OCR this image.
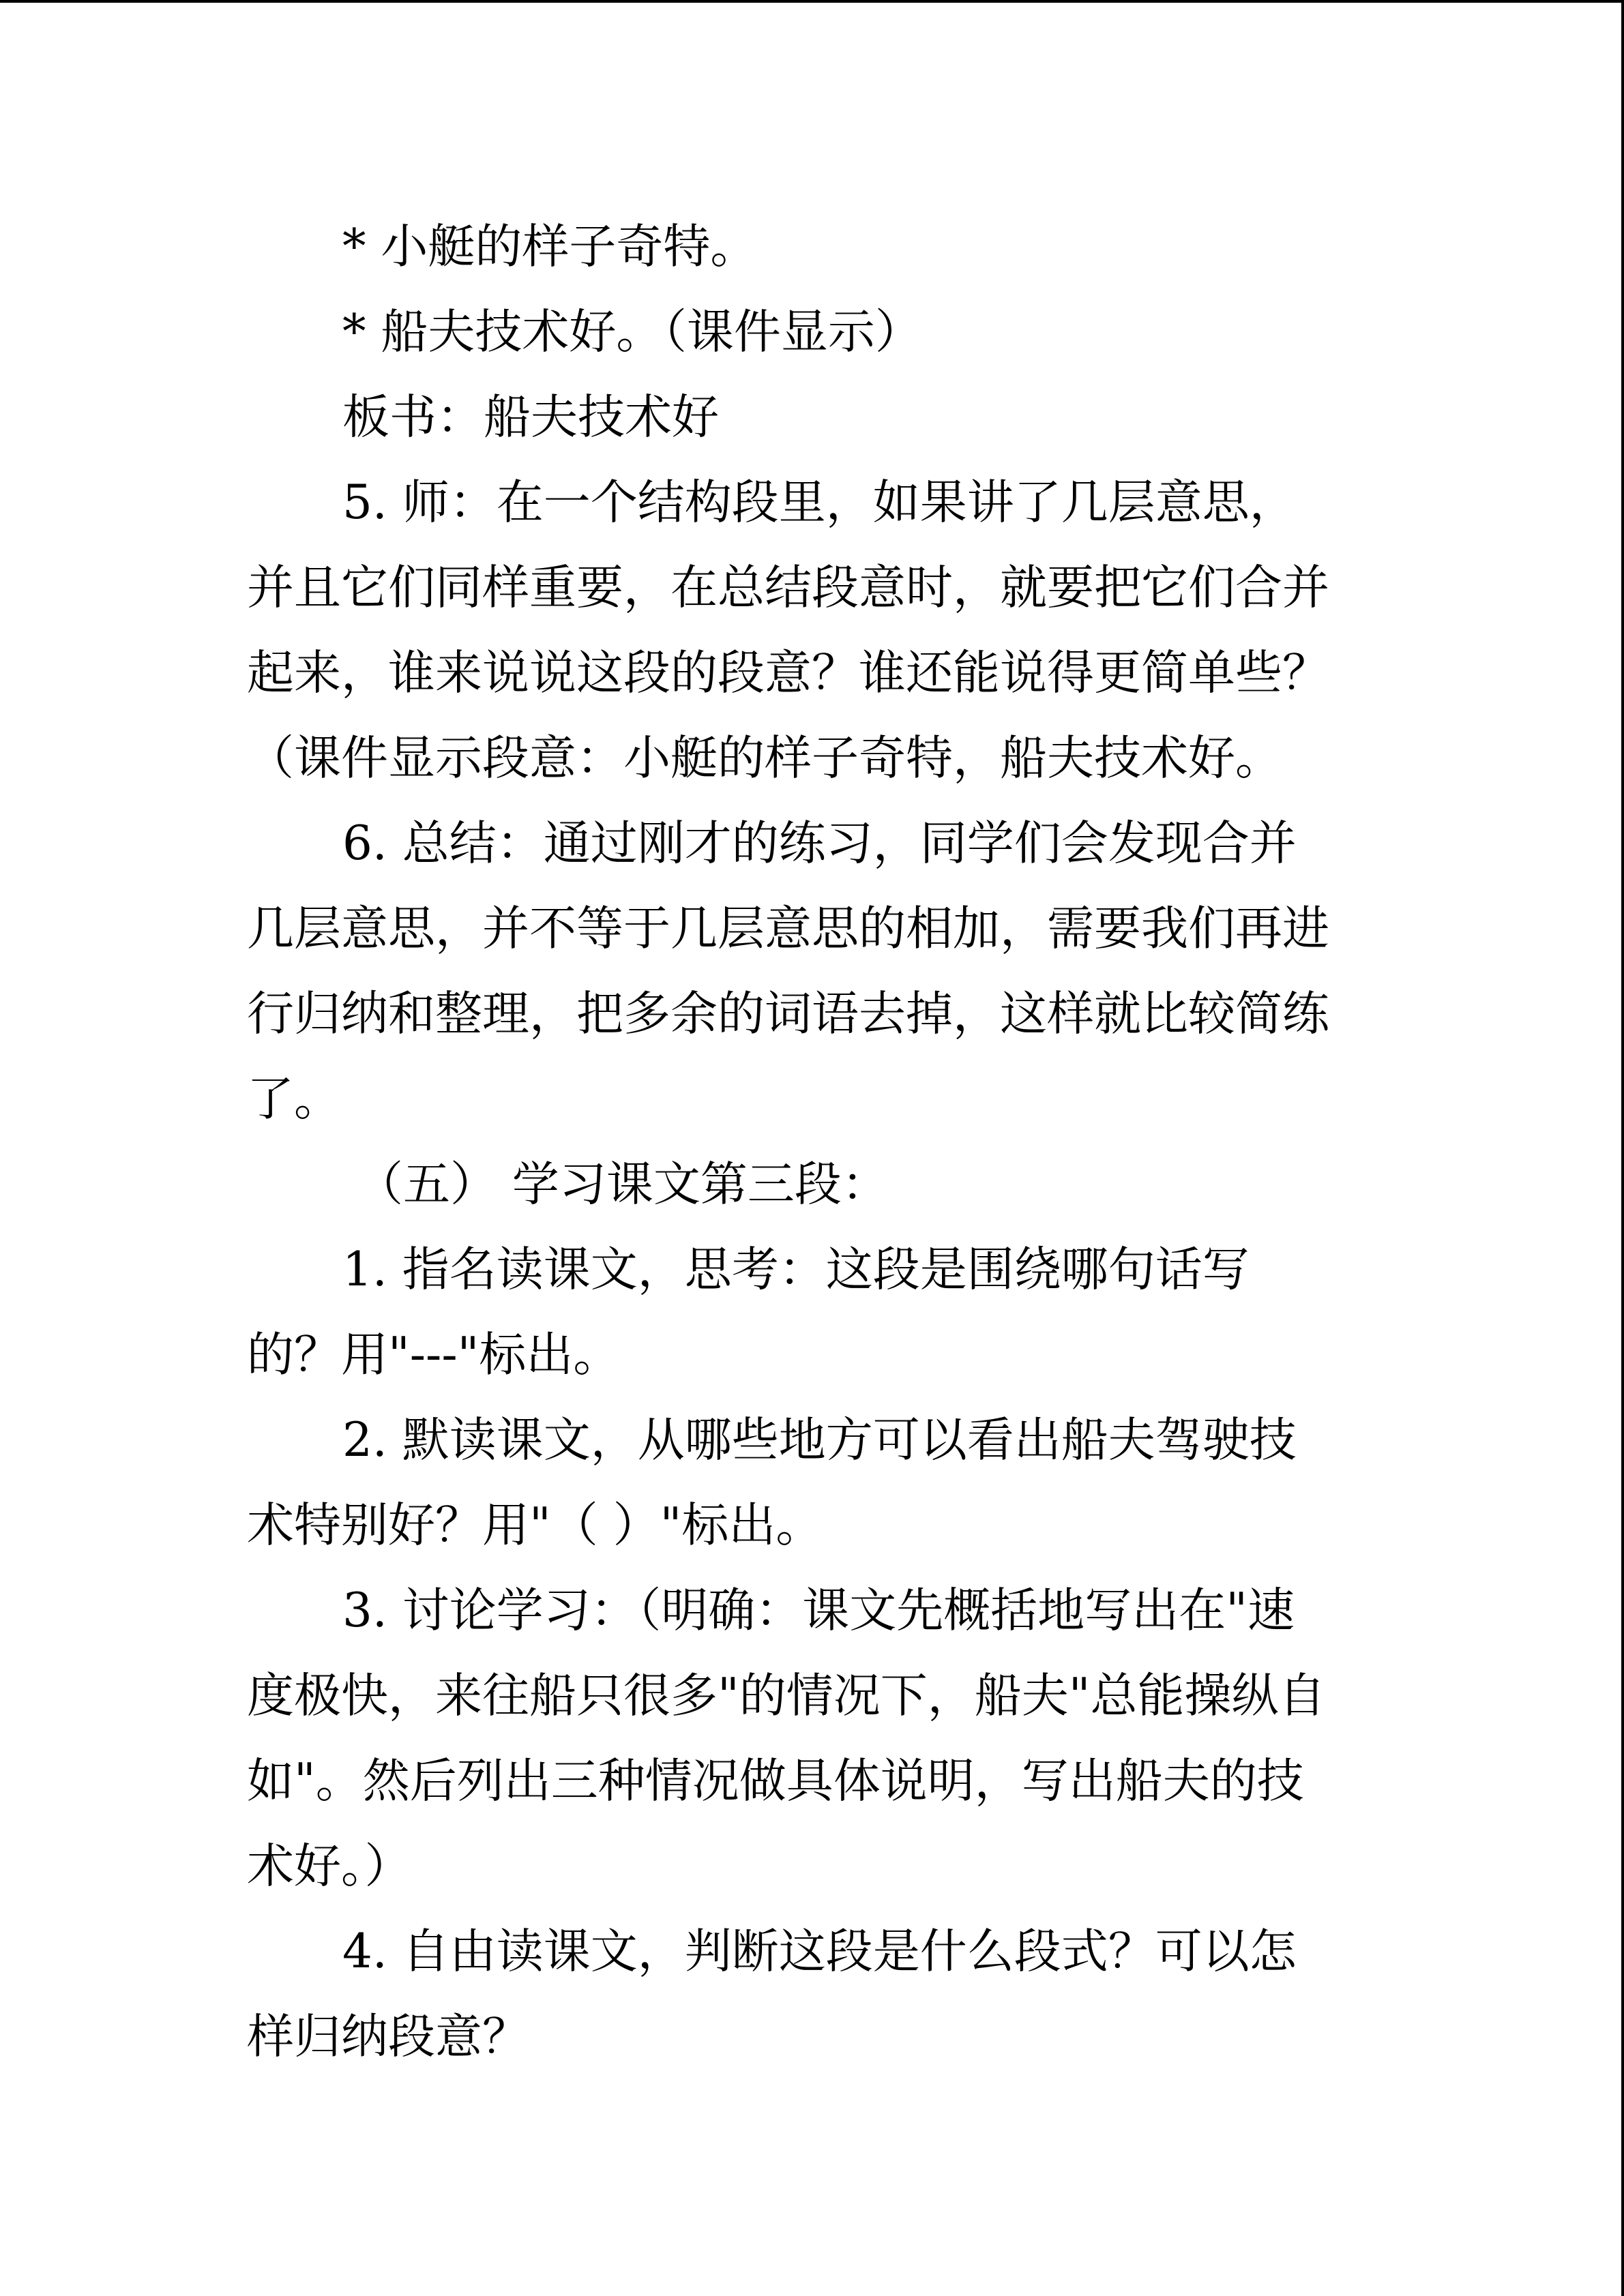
* 小艇的样子奇特。
* 船夫技术好。（课件显示）
板书：船夫技术好
5. 师：在一个结构段里，如果讲了几层意思，
并且它们同样重要，在总结段意时，就要把它们合并
起来，谁来说说这段的段意？谁还能说得更简单些？
（课件显示段意：小艇的样子奇特，船夫技术好。
6. 总结：通过刚才的练习，同学们会发现合并
几层意思，并不等于几层意思的相加，需要我们再进
行归纳和整理，把多余的词语去掉，这样就比较简练
了。
（五） 学习课文第三段：
1. 指名读课文，思考：这段是围绕哪句话写
的？用"---"标出。
2. 默读课文，从哪些地方可以看出船夫驾驶技
术特别好？用"（ ）"标出。
3. 讨论学习：（明确：课文先概括地写出在"速
度极快，来往船只很多"的情况下，船夫"总能操纵自
如"。然后列出三种情况做具体说明，写出船夫的技
术好。）
4. 自由读课文，判断这段是什么段式？可以怎
样归纳段意？
